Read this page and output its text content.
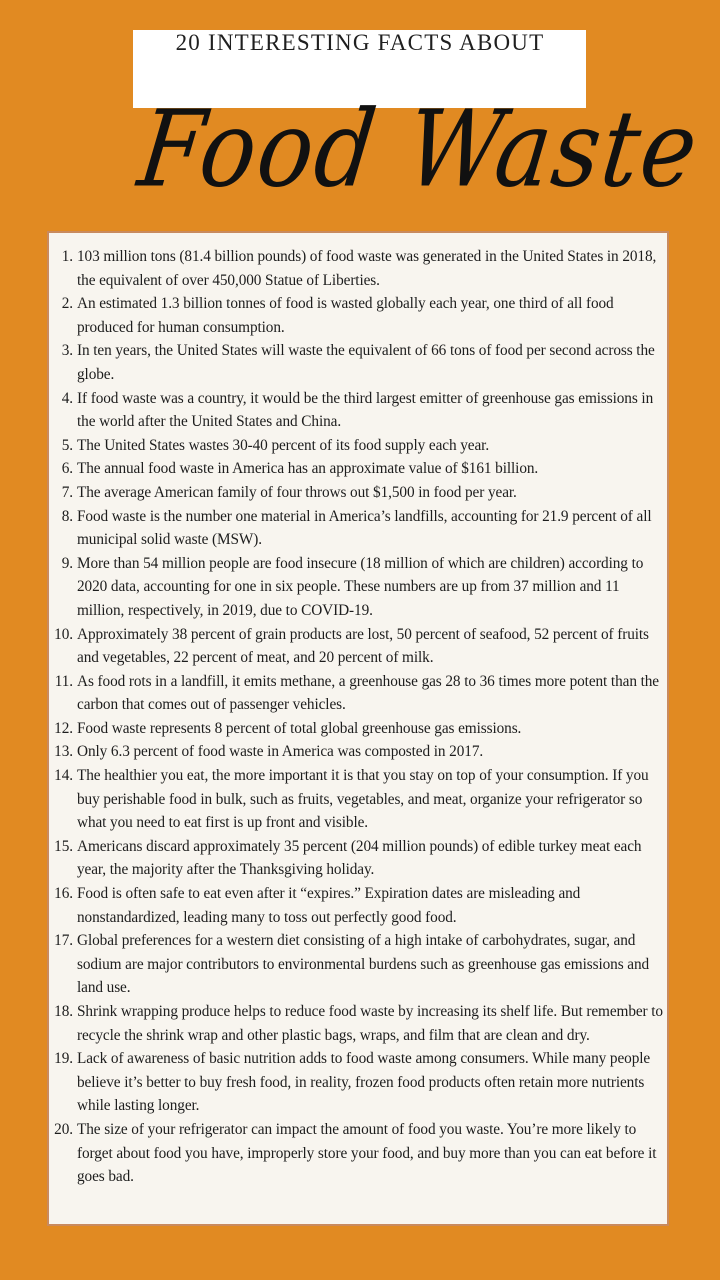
20 INTERESTING FACTS ABOUT
Food Waste
1. 103 million tons (81.4 billion pounds) of food waste was generated in the United States in 2018, the equivalent of over 450,000 Statue of Liberties.
2. An estimated 1.3 billion tonnes of food is wasted globally each year, one third of all food produced for human consumption.
3. In ten years, the United States will waste the equivalent of 66 tons of food per second across the globe.
4. If food waste was a country, it would be the third largest emitter of greenhouse gas emissions in the world after the United States and China.
5. The United States wastes 30-40 percent of its food supply each year.
6. The annual food waste in America has an approximate value of $161 billion.
7. The average American family of four throws out $1,500 in food per year.
8. Food waste is the number one material in America’s landfills, accounting for 21.9 percent of all municipal solid waste (MSW).
9. More than 54 million people are food insecure (18 million of which are children) according to 2020 data, accounting for one in six people. These numbers are up from 37 million and 11 million, respectively, in 2019, due to COVID-19.
10. Approximately 38 percent of grain products are lost, 50 percent of seafood, 52 percent of fruits and vegetables, 22 percent of meat, and 20 percent of milk.
11. As food rots in a landfill, it emits methane, a greenhouse gas 28 to 36 times more potent than the carbon that comes out of passenger vehicles.
12. Food waste represents 8 percent of total global greenhouse gas emissions.
13. Only 6.3 percent of food waste in America was composted in 2017.
14. The healthier you eat, the more important it is that you stay on top of your consumption. If you buy perishable food in bulk, such as fruits, vegetables, and meat, organize your refrigerator so what you need to eat first is up front and visible.
15. Americans discard approximately 35 percent (204 million pounds) of edible turkey meat each year, the majority after the Thanksgiving holiday.
16. Food is often safe to eat even after it “expires.” Expiration dates are misleading and nonstandardized, leading many to toss out perfectly good food.
17. Global preferences for a western diet consisting of a high intake of carbohydrates, sugar, and sodium are major contributors to environmental burdens such as greenhouse gas emissions and land use.
18. Shrink wrapping produce helps to reduce food waste by increasing its shelf life. But remember to recycle the shrink wrap and other plastic bags, wraps, and film that are clean and dry.
19. Lack of awareness of basic nutrition adds to food waste among consumers. While many people believe it’s better to buy fresh food, in reality, frozen food products often retain more nutrients while lasting longer.
20. The size of your refrigerator can impact the amount of food you waste. You’re more likely to forget about food you have, improperly store your food, and buy more than you can eat before it goes bad.
